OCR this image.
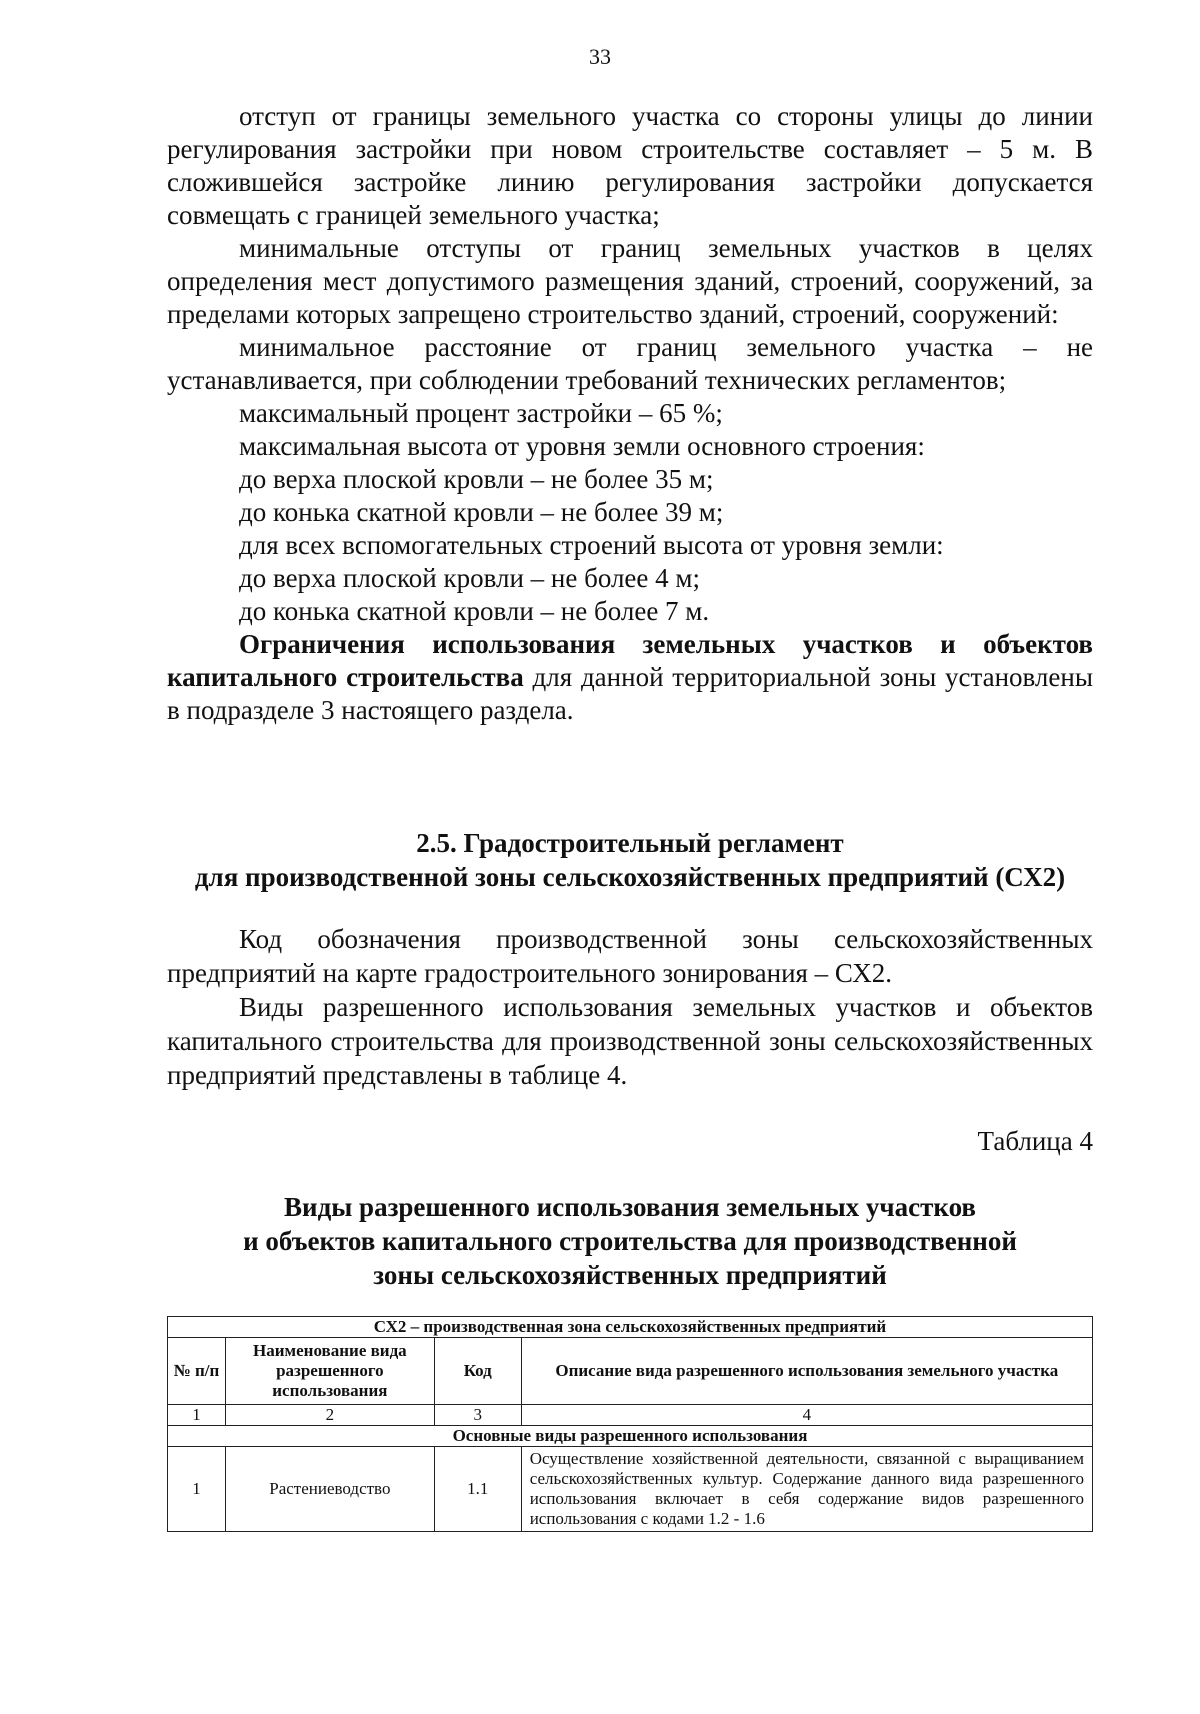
33

отступ от границы земельного участка со стороны улицы до линии регулирования застройки при новом строительстве составляет – 5 м. В сложившейся застройке линию регулирования застройки допускается совмещать с границей земельного участка;

минимальные отступы от границ земельных участков в целях определения мест допустимого размещения зданий, строений, сооружений, за пределами которых запрещено строительство зданий, строений, сооружений:

минимальное расстояние от границ земельного участка – не устанавливается, при соблюдении требований технических регламентов;

максимальный процент застройки – 65 %;

максимальная высота от уровня земли основного строения:

до верха плоской кровли – не более 35 м;

до конька скатной кровли – не более 39 м;

для всех вспомогательных строений высота от уровня земли:

до верха плоской кровли – не более 4 м;

до конька скатной кровли – не более 7 м.

Ограничения использования земельных участков и объектов капитального строительства для данной территориальной зоны установлены в подразделе 3 настоящего раздела.

2.5. Градостроительный регламент
для производственной зоны сельскохозяйственных предприятий (СХ2)

Код обозначения производственной зоны сельскохозяйственных предприятий на карте градостроительного зонирования – СХ2.

Виды разрешенного использования земельных участков и объектов капитального строительства для производственной зоны сельскохозяйственных предприятий представлены в таблице 4.

Таблица 4
Виды разрешенного использования земельных участков
и объектов капитального строительства для производственной
зоны сельскохозяйственных предприятий
СХ2 – производственная зона сельскохозяйственных предприятий			
№ п/п	Наименование вида разрешенного использования	Код	Описание вида разрешенного использования земельного участка
1	2	3	4
Основные виды разрешенного использования			
1	Растениеводство	1.1	Осуществление хозяйственной деятельности, связанной с выращиванием сельскохозяйственных культур. Содержание данного вида разрешенного использования включает в себя содержание видов разрешенного использования с кодами 1.2 - 1.6
